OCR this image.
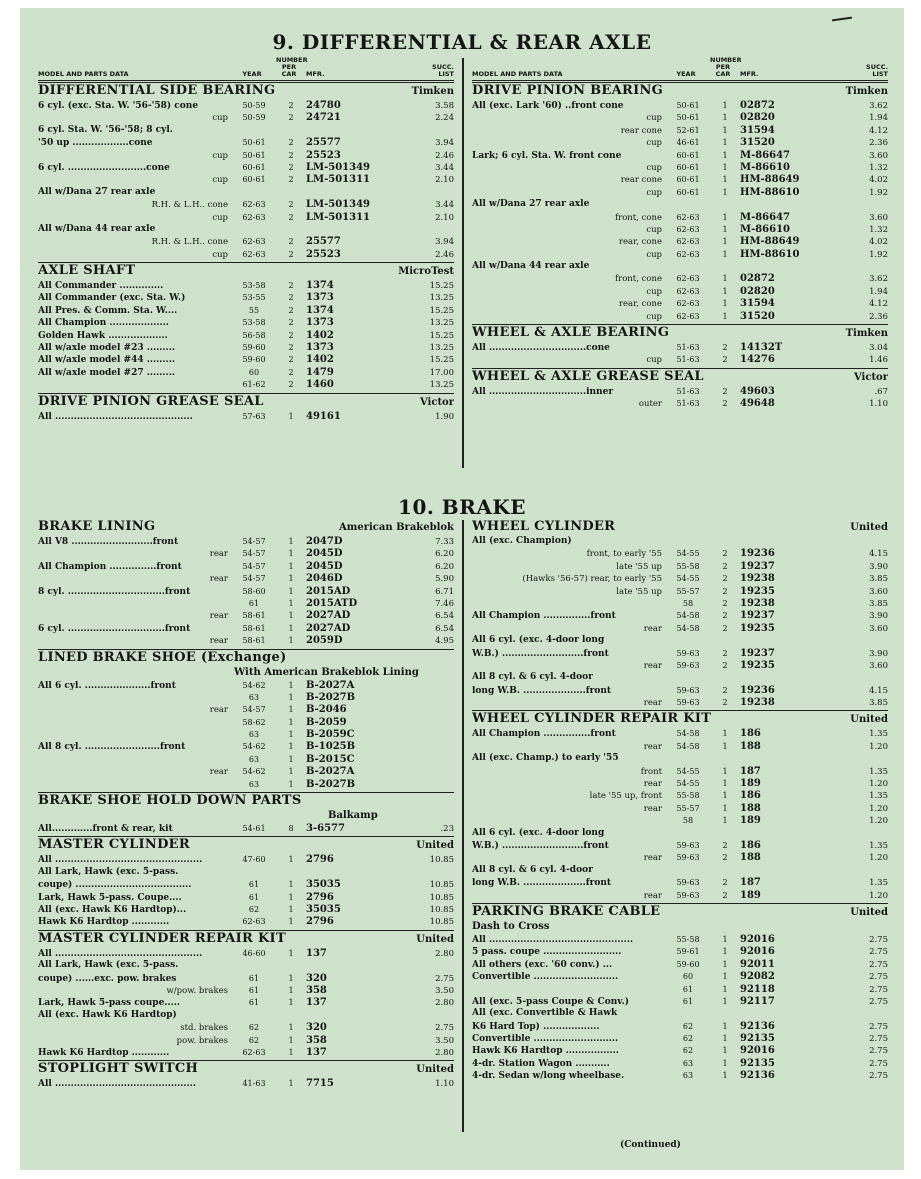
9. DIFFERENTIAL & REAR AXLE
MODEL AND PARTS DATA	YEAR
NUMBER
PER CAR	MFR.
SUCC.
LIST
DIFFERENTIAL SIDE BEARING	Timken
6 cyl. (exc. Sta. W. '56-'58) cone	50-59	2	24780	3.58
cup	50-59	2	24721	2.24
6 cyl. Sta. W. '56-'58; 8 cyl.
'50 up ..................cone	50-61	2	25577	3.94
cup	50-61	2	25523	2.46
6 cyl. .........................cone	60-61	2	LM-501349	3.44
cup	60-61	2	LM-501311	2.10
All w/Dana 27 rear axle
R.H. & L.H.. cone	62-63	2	LM-501349	3.44
cup	62-63	2	LM-501311	2.10
All w/Dana 44 rear axle
R.H. & L.H.. cone	62-63	2	25577	3.94
cup	62-63	2	25523	2.46
AXLE SHAFT	MicroTest
All Commander ..............	53-58	2	1374	15.25
All Commander (exc. Sta. W.)	53-55	2	1373	13.25
All Pres. & Comm. Sta. W....	55	2	1374	15.25
All Champion ...................	53-58	2	1373	13.25
Golden Hawk ...................	56-58	2	1402	15.25
All w/axle model #23 .........	59-60	2	1373	13.25
All w/axle model #44 .........	59-60	2	1402	15.25
All w/axle model #27 .........	60	2	1479	17.00
61-62	2	1460	13.25
DRIVE PINION GREASE SEAL	Victor
All ............................................	57-63	1	49161	1.90
MODEL AND PARTS DATA	YEAR
NUMBER
PER CAR	MFR.
SUCC.
LIST
DRIVE PINION BEARING	Timken
All (exc. Lark '60) ..front cone	50-61	1	02872	3.62
cup	50-61	1	02820	1.94
rear cone	52-61	1	31594	4.12
cup	46-61	1	31520	2.36
Lark; 6 cyl. Sta. W. front cone	60-61	1	M-86647	3.60
cup	60-61	1	M-86610	1.32
rear cone	60-61	1	HM-88649	4.02
cup	60-61	1	HM-88610	1.92
All w/Dana 27 rear axle
front, cone	62-63	1	M-86647	3.60
cup	62-63	1	M-86610	1.32
rear, cone	62-63	1	HM-88649	4.02
cup	62-63	1	HM-88610	1.92
All w/Dana 44 rear axle
front, cone	62-63	1	02872	3.62
cup	62-63	1	02820	1.94
rear, cone	62-63	1	31594	4.12
cup	62-63	1	31520	2.36
WHEEL & AXLE BEARING	Timken
All ...............................cone	51-63	2	14132T	3.04
cup	51-63	2	14276	1.46
WHEEL & AXLE GREASE SEAL	Victor
All ...............................inner	51-63	2	49603	.67
outer	51-63	2	49648	1.10
10. BRAKE
BRAKE LINING	American Brakeblok
All V8 ..........................front	54-57	1	2047D	7.33
rear	54-57	1	2045D	6.20
All Champion ...............front	54-57	1	2045D	6.20
rear	54-57	1	2046D	5.90
8 cyl. ...............................front	58-60	1	2015AD	6.71
61	1	2015ATD	7.46
rear	58-61	1	2027AD	6.54
6 cyl. ...............................front	58-61	1	2027AD	6.54
rear	58-61	1	2059D	4.95
LINED BRAKE SHOE (Exchange)
With American Brakeblok Lining
All 6 cyl. .....................front	54-62	1	B-2027A
63	1	B-2027B
rear	54-57	1	B-2046
58-62	1	B-2059
63	1	B-2059C
All 8 cyl. ........................front	54-62	1	B-1025B
63	1	B-2015C
rear	54-62	1	B-2027A
63	1	B-2027B
BRAKE SHOE HOLD DOWN PARTS
Balkamp
All.............front & rear, kit	54-61	8	3-6577	.23
MASTER CYLINDER	United
All ...............................................	47-60	1	2796	10.85
All Lark, Hawk (exc. 5-pass.
coupe) .....................................	61	1	35035	10.85
Lark, Hawk 5-pass. Coupe....	61	1	2796	10.85
All (exc. Hawk K6 Hardtop)...	62	1	35035	10.85
Hawk K6 Hardtop ............	62-63	1	2796	10.85
MASTER CYLINDER REPAIR KIT	United
All ...............................................	46-60	1	137	2.80
All Lark, Hawk (exc. 5-pass.
coupe) ......exc. pow. brakes	61	1	320	2.75
w/pow. brakes	61	1	358	3.50
Lark, Hawk 5-pass coupe.....	61	1	137	2.80
All (exc. Hawk K6 Hardtop)
std. brakes	62	1	320	2.75
pow. brakes	62	1	358	3.50
Hawk K6 Hardtop ............	62-63	1	137	2.80
STOPLIGHT SWITCH	United
All .............................................	41-63	1	7715	1.10
WHEEL CYLINDER	United
All (exc. Champion)
front, to early '55	54-55	2	19236	4.15
late '55 up	55-58	2	19237	3.90
(Hawks '56-57) rear, to early '55	54-55	2	19238	3.85
late '55 up	55-57	2	19235	3.60
58	2	19238	3.85
All Champion ...............front	54-58	2	19237	3.90
rear	54-58	2	19235	3.60
All 6 cyl. (exc. 4-door long
W.B.) ..........................front	59-63	2	19237	3.90
rear	59-63	2	19235	3.60
All 8 cyl. & 6 cyl. 4-door
long W.B. ....................front	59-63	2	19236	4.15
rear	59-63	2	19238	3.85
WHEEL CYLINDER REPAIR KIT	United
All Champion ...............front	54-58	1	186	1.35
rear	54-58	1	188	1.20
All (exc. Champ.) to early '55
front	54-55	1	187	1.35
rear	54-55	1	189	1.20
late '55 up, front	55-58	1	186	1.35
rear	55-57	1	188	1.20
58	1	189	1.20
All 6 cyl. (exc. 4-door long
W.B.) ..........................front	59-63	2	186	1.35
rear	59-63	2	188	1.20
All 8 cyl. & 6 cyl. 4-door
long W.B. ....................front	59-63	2	187	1.35
rear	59-63	2	189	1.20
PARKING BRAKE CABLE	United
Dash to Cross
All ..............................................	55-58	1	92016	2.75
5 pass. coupe .........................	59-61	1	92016	2.75
All others (exc. '60 conv.) ...	59-60	1	92011	2.75
Convertible ...........................	60	1	92082	2.75
61	1	92118	2.75
All (exc. 5-pass Coupe & Conv.)	61	1	92117	2.75
All (exc. Convertible & Hawk
K6 Hard Top) ..................	62	1	92136	2.75
Convertible ...........................	62	1	92135	2.75
Hawk K6 Hardtop .................	62	1	92016	2.75
4-dr. Station Wagon ...........	63	1	92135	2.75
4-dr. Sedan w/long wheelbase.	63	1	92136	2.75
(Continued)
